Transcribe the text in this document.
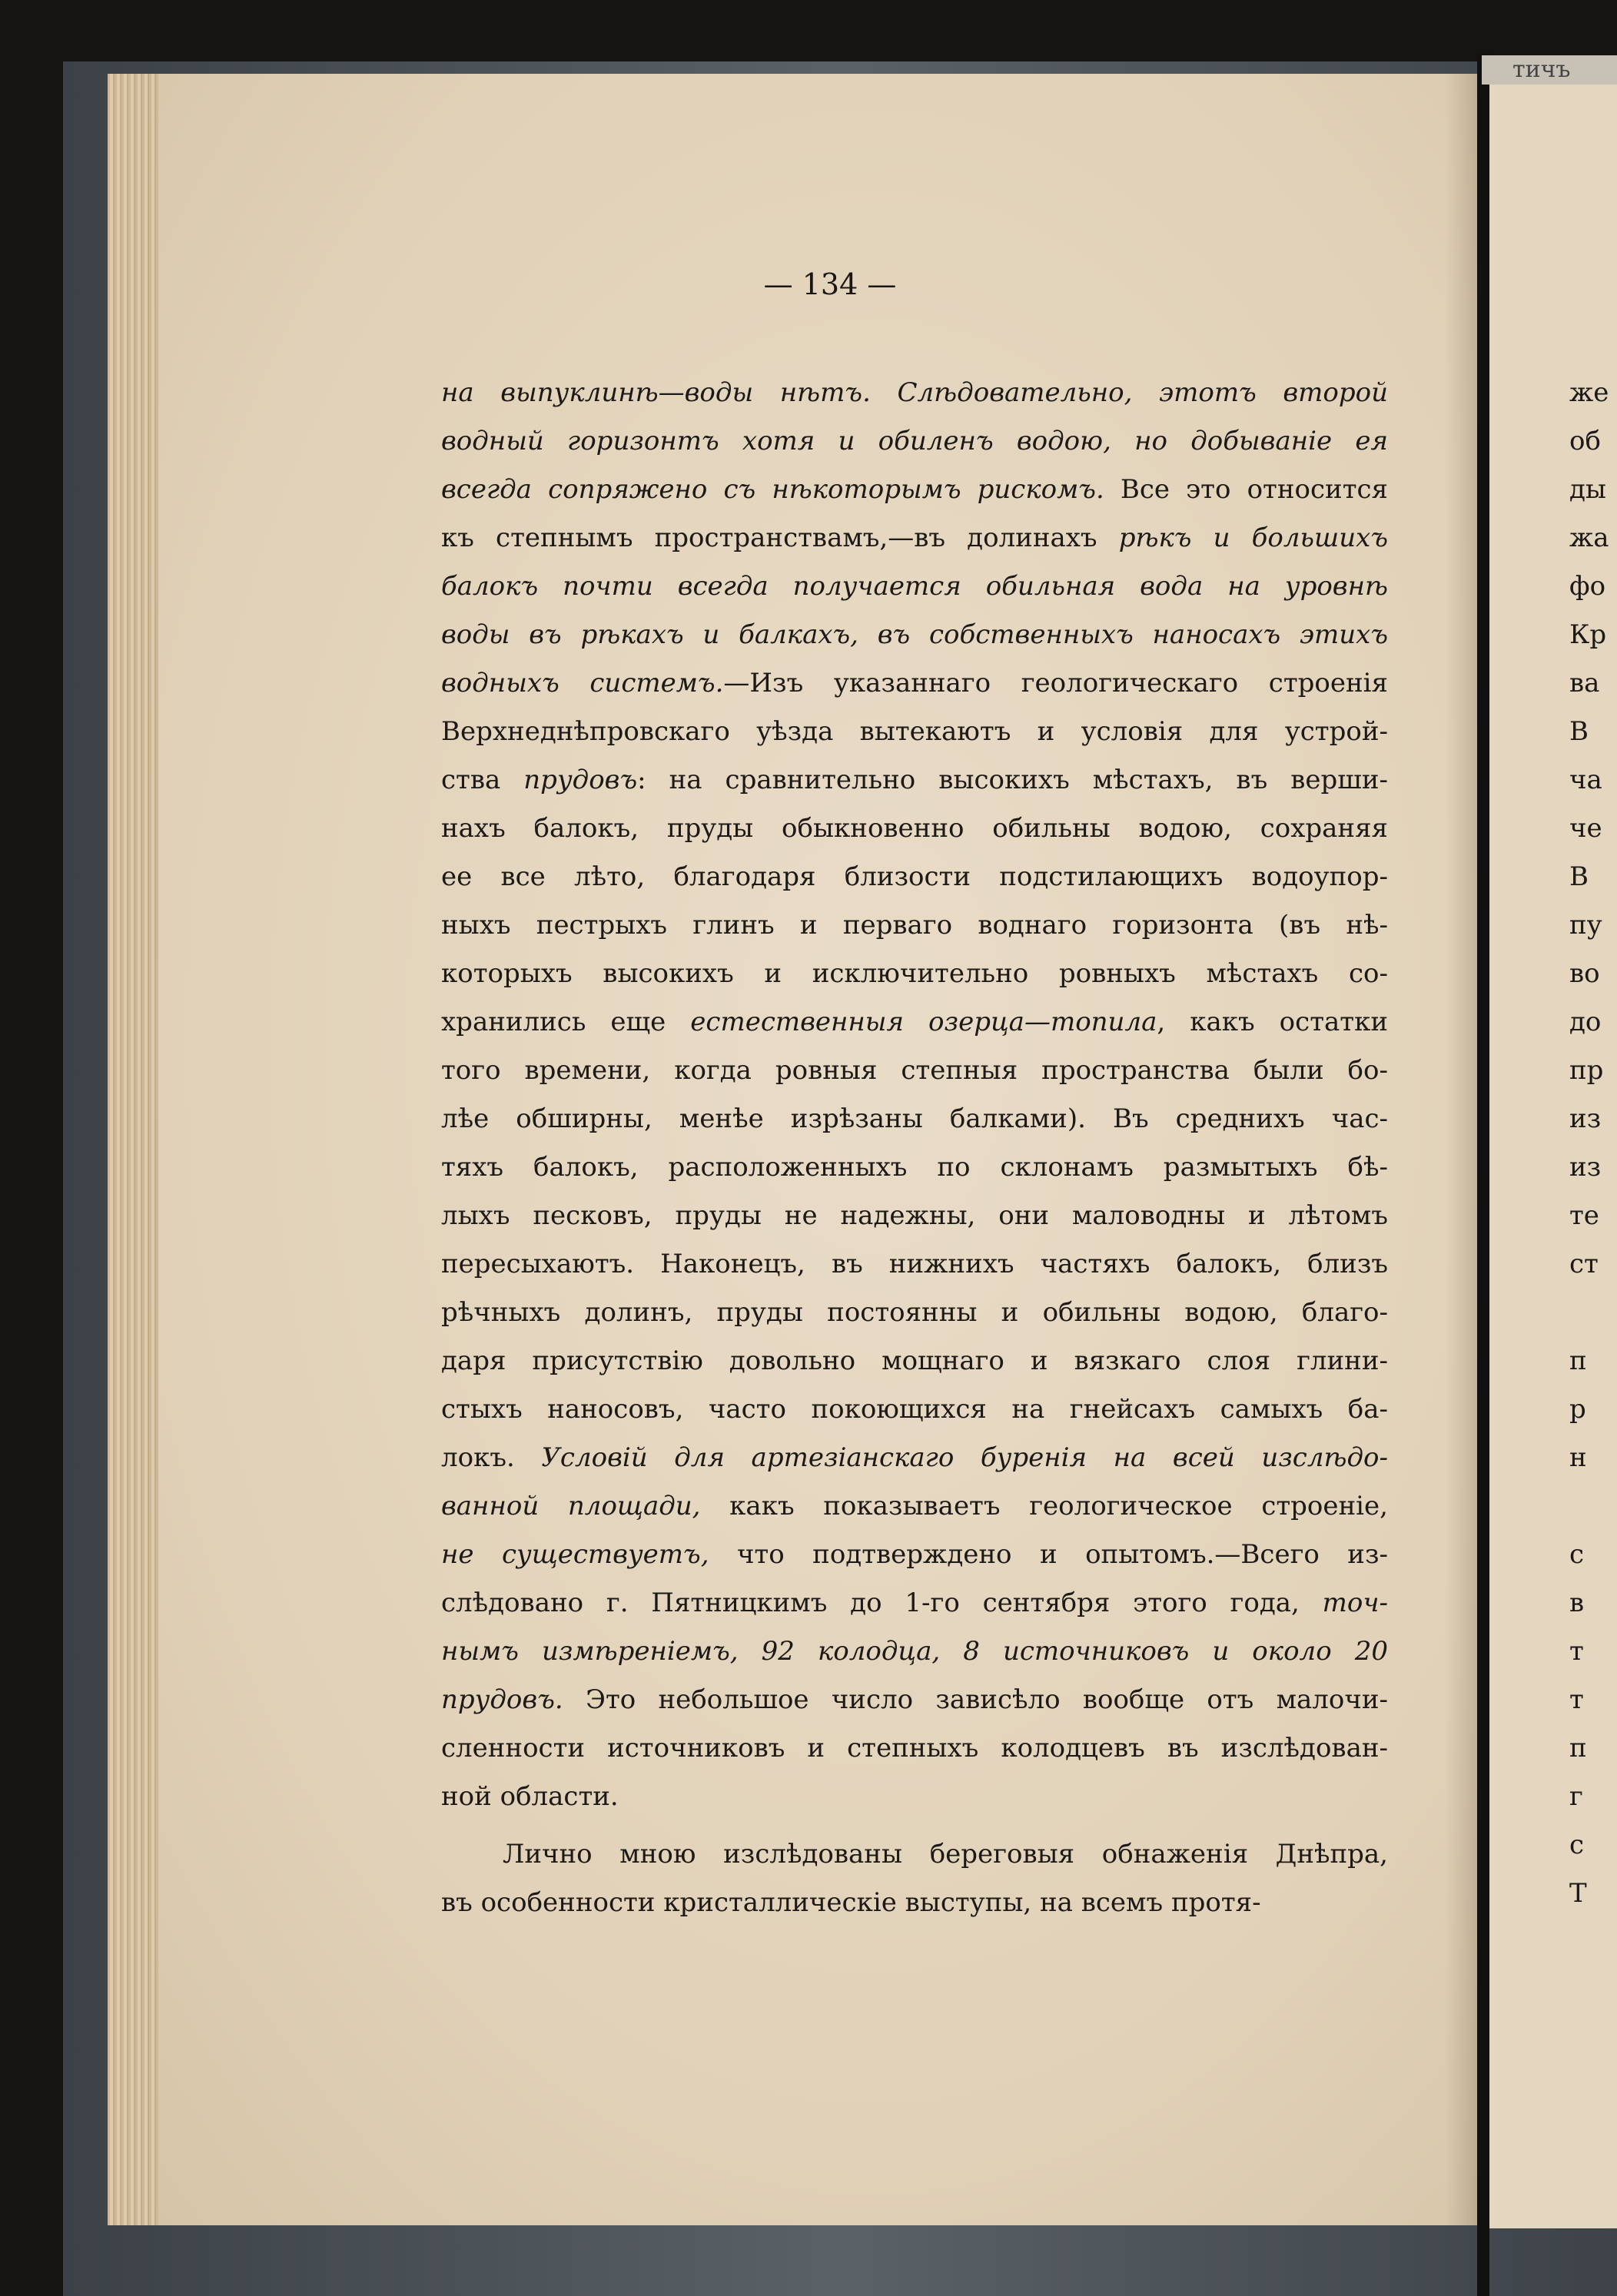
тичъ
— 134 —
на выпуклинѣ—воды нѣтъ. Слѣдовательно, этотъ второй
водный горизонтъ хотя и обиленъ водою, но добываніе ея
всегда сопряжено съ нѣкоторымъ рискомъ. Все это относится
къ степнымъ пространствамъ,—въ долинахъ рѣкъ и большихъ
балокъ почти всегда получается обильная вода на уровнѣ
воды въ рѣкахъ и балкахъ, въ собственныхъ наносахъ этихъ
водныхъ системъ.—Изъ указаннаго геологическаго строенія
Верхнеднѣпровскаго уѣзда вытекаютъ и условія для устрой-
ства прудовъ: на сравнительно высокихъ мѣстахъ, въ верши-
нахъ балокъ, пруды обыкновенно обильны водою, сохраняя
ее все лѣто, благодаря близости подстилающихъ водоупор-
ныхъ пестрыхъ глинъ и перваго воднаго горизонта (въ нѣ-
которыхъ высокихъ и исключительно ровныхъ мѣстахъ со-
хранились еще естественныя озерца—топила, какъ остатки
того времени, когда ровныя степныя пространства были бо-
лѣе обширны, менѣе изрѣзаны балками). Въ среднихъ час-
тяхъ балокъ, расположенныхъ по склонамъ размытыхъ бѣ-
лыхъ песковъ, пруды не надежны, они маловодны и лѣтомъ
пересыхаютъ. Наконецъ, въ нижнихъ частяхъ балокъ, близъ
рѣчныхъ долинъ, пруды постоянны и обильны водою, благо-
даря присутствію довольно мощнаго и вязкаго слоя глини-
стыхъ наносовъ, часто покоющихся на гнейсахъ самыхъ ба-
локъ. Условій для артезіанскаго буренія на всей изслѣдо-
ванной площади, какъ показываетъ геологическое строеніе,
не существуетъ, что подтверждено и опытомъ.—Всего из-
слѣдовано г. Пятницкимъ до 1-го сентября этого года, точ-
нымъ измѣреніемъ, 92 колодца, 8 источниковъ и около 20
прудовъ. Это небольшое число зависѣло вообще отъ малочи-
сленности источниковъ и степныхъ колодцевъ въ изслѣдован-
ной области.
Лично мною изслѣдованы береговыя обнаженія Днѣпра,
въ особенности кристаллическіе выступы, на всемъ протя-
же
об
ды
жа
фо
Кр
ва
В
ча
че
В
пу
во
до
пр
из
из
те
ст
п
р
н
с
в
т
т
п
г
с
Т
